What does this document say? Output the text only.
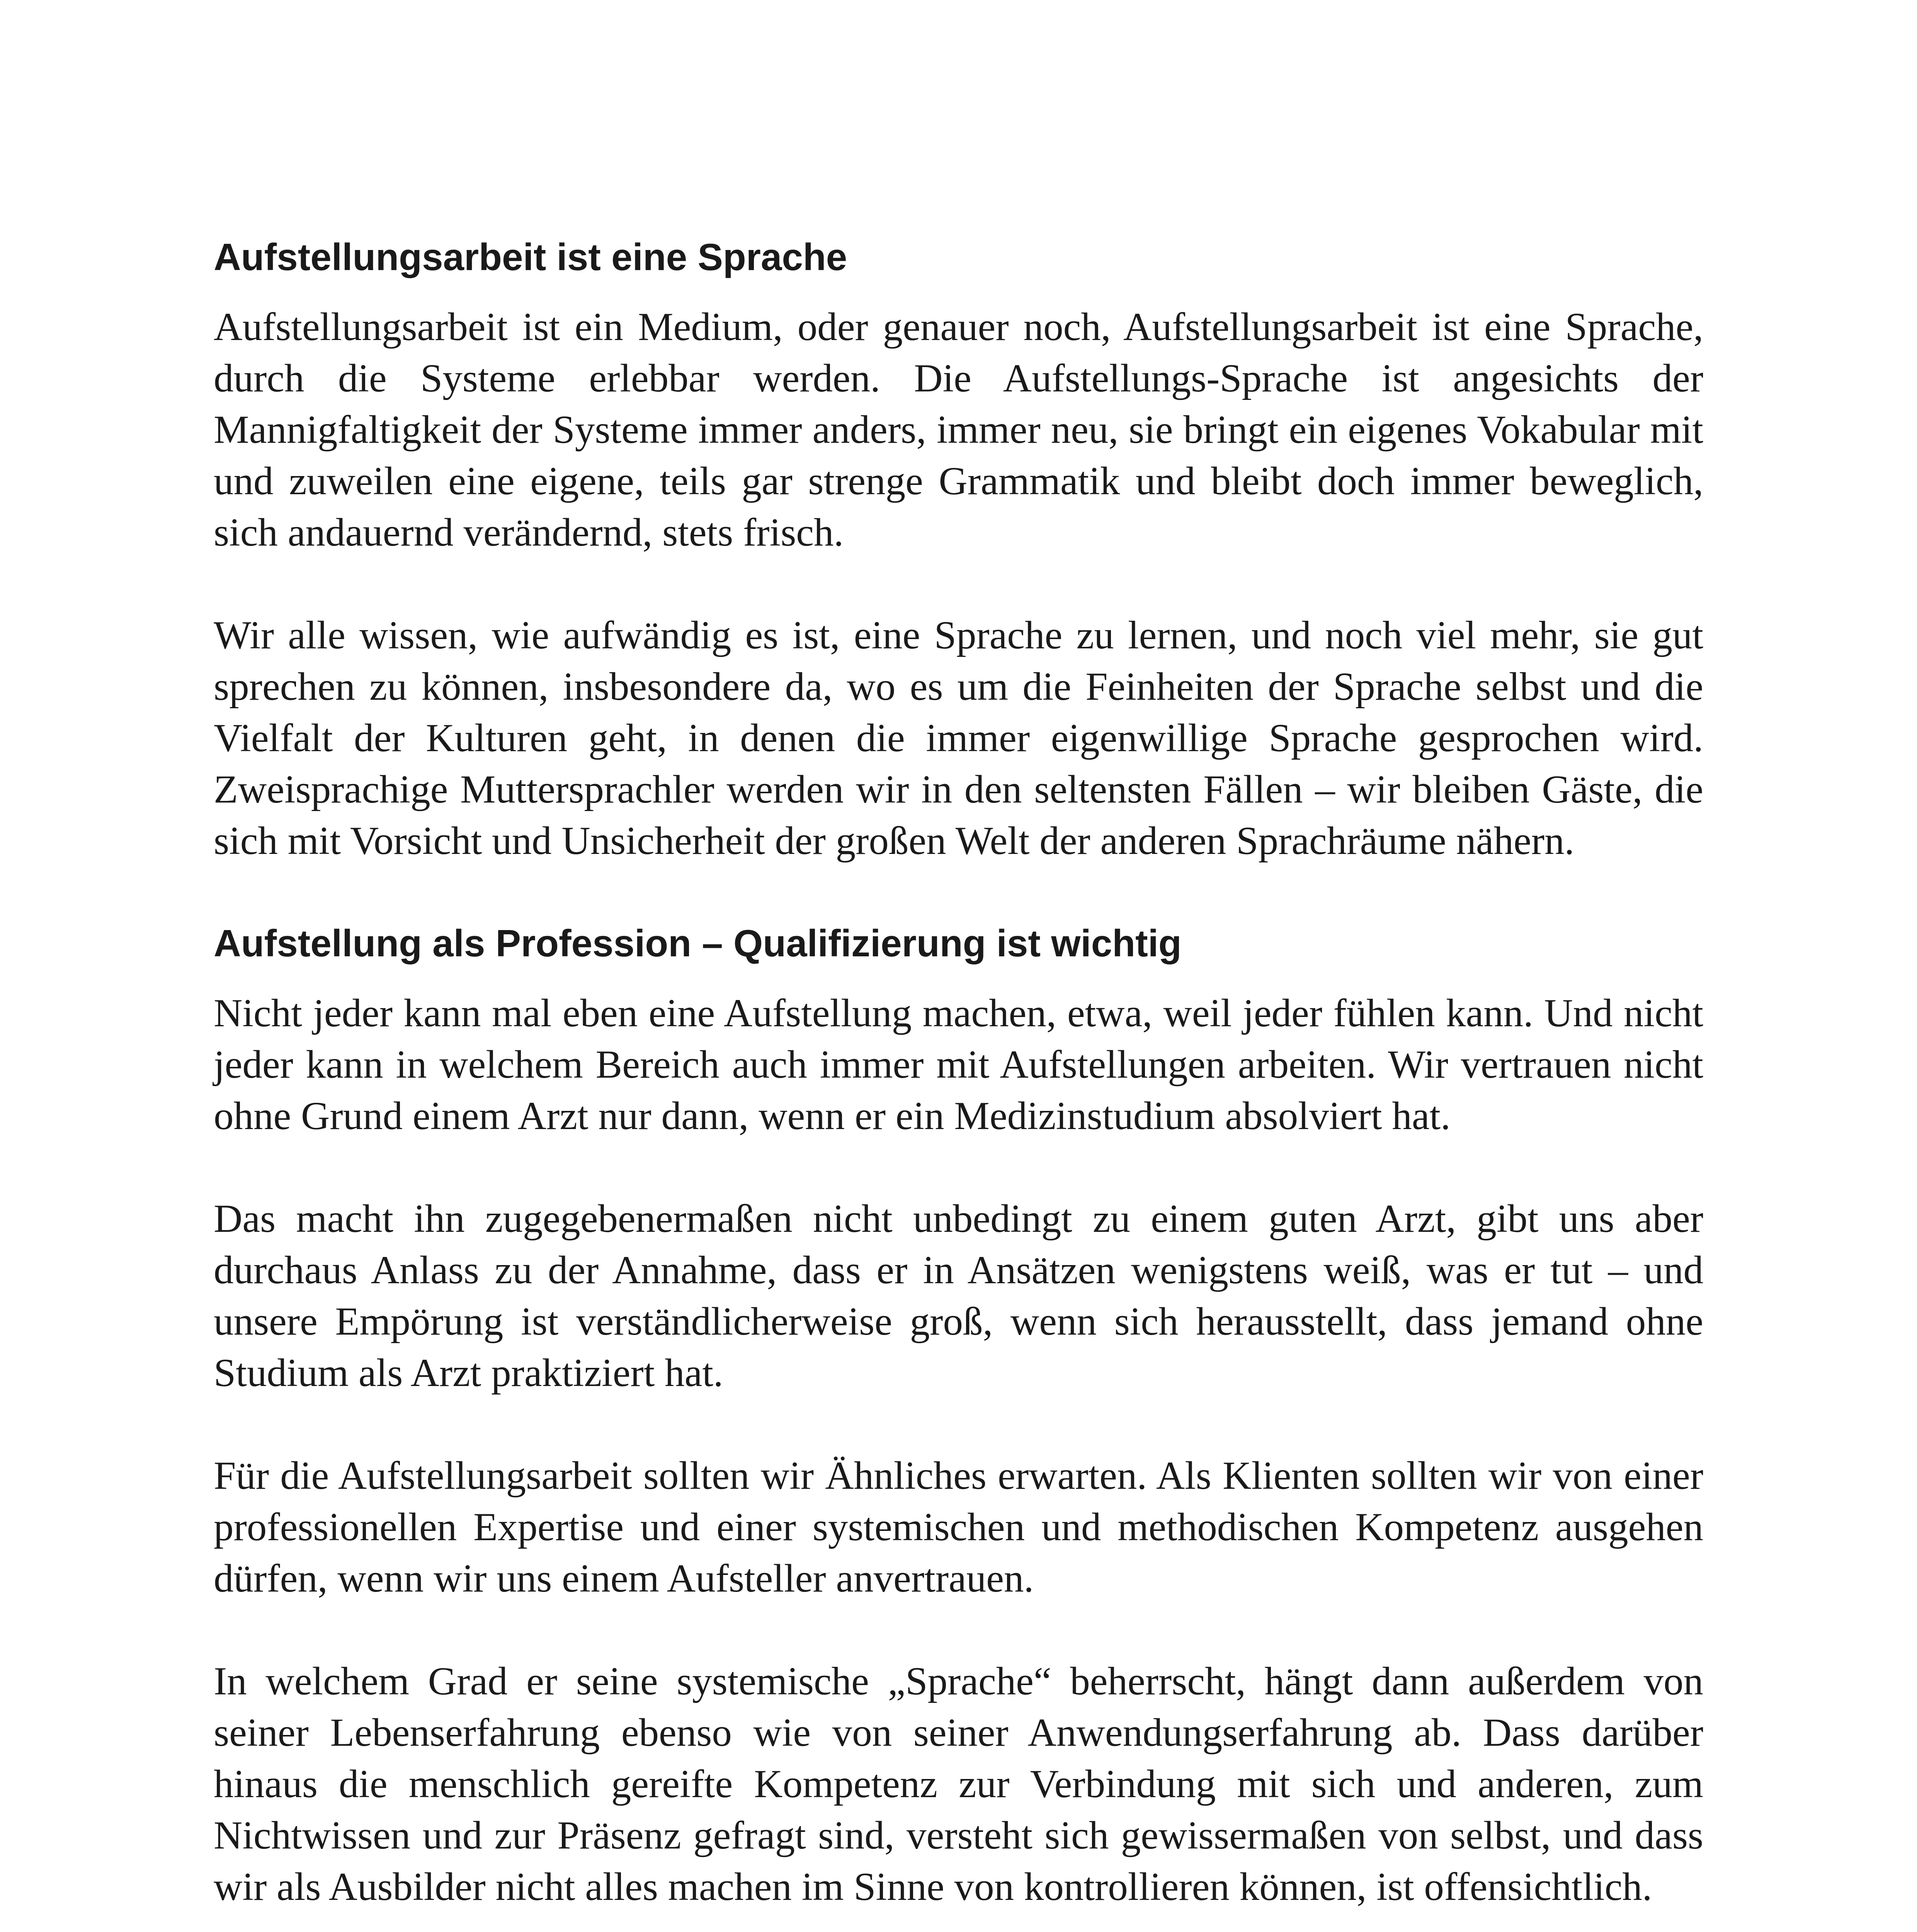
Aufstellungsarbeit ist eine Sprache

Aufstellungsarbeit ist ein Medium, oder genauer noch, Aufstellungsarbeit ist eine Sprache, durch die Systeme erlebbar werden. Die Aufstellungs-Sprache ist angesichts der Mannigfaltigkeit der Systeme immer anders, immer neu, sie bringt ein eigenes Vokabular mit und zuweilen eine eigene, teils gar strenge Grammatik und bleibt doch immer beweglich, sich andauernd verändernd, stets frisch.

Wir alle wissen, wie aufwändig es ist, eine Sprache zu lernen, und noch viel mehr, sie gut sprechen zu können, insbesondere da, wo es um die Feinheiten der Sprache selbst und die Vielfalt der Kulturen geht, in denen die immer eigenwillige Sprache gesprochen wird. Zweisprachige Muttersprachler werden wir in den seltensten Fällen – wir bleiben Gäste, die sich mit Vorsicht und Unsicherheit der großen Welt der anderen Sprachräume nähern.

Aufstellung als Profession – Qualifizierung ist wichtig

Nicht jeder kann mal eben eine Aufstellung machen, etwa, weil jeder fühlen kann. Und nicht jeder kann in welchem Bereich auch immer mit Aufstellungen arbeiten. Wir vertrauen nicht ohne Grund einem Arzt nur dann, wenn er ein Medizinstudium absolviert hat.

Das macht ihn zugegebenermaßen nicht unbedingt zu einem guten Arzt, gibt uns aber durchaus Anlass zu der Annahme, dass er in Ansätzen wenigstens weiß, was er tut – und unsere Empörung ist verständlicherweise groß, wenn sich herausstellt, dass jemand ohne Studium als Arzt praktiziert hat.

Für die Aufstellungsarbeit sollten wir Ähnliches erwarten. Als Klienten sollten wir von einer professionellen Expertise und einer systemischen und methodischen Kompetenz ausgehen dürfen, wenn wir uns einem Aufsteller anvertrauen.

In welchem Grad er seine systemische „Sprache“ beherrscht, hängt dann außerdem von seiner Lebenserfahrung ebenso wie von seiner Anwendungserfahrung ab. Dass darüber hinaus die menschlich gereifte Kompetenz zur Verbindung mit sich und anderen, zum Nichtwissen und zur Präsenz gefragt sind, versteht sich gewissermaßen von selbst, und dass wir als Ausbilder nicht alles machen im Sinne von kontrollieren können, ist offensichtlich.
